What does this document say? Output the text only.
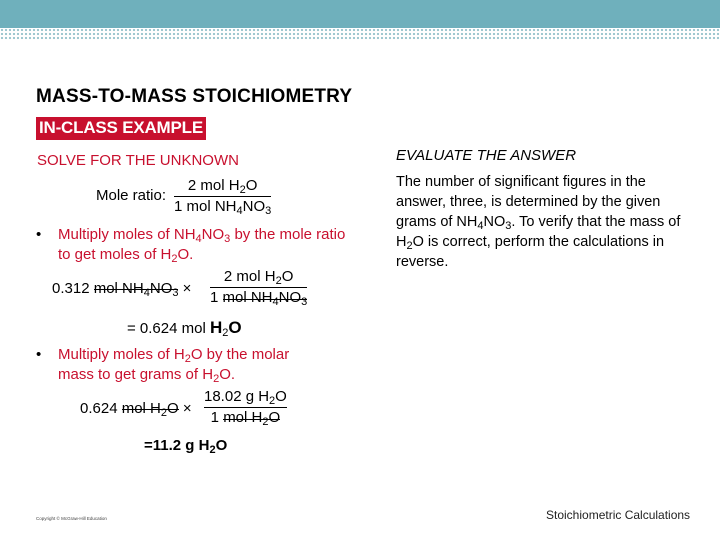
MASS-TO-MASS STOICHIOMETRY
IN-CLASS EXAMPLE
SOLVE FOR THE UNKNOWN
Mole ratio:
2 mol $H_2O$
1 mol $NH_4NO_3$
• Multiply moles of $NH_4NO_3$ by the mole ratio to get moles of $H_2O$.
0.312 mol $NH_4NO_3$ ×
2 mol $H_2O$
1 mol $NH_4NO_3$
= 0.624 mol $H_2O$
• Multiply moles of $H_2O$ by the molar mass to get grams of $H_2O$.
0.624 mol $H_2O$ ×
18.02 g $H_2O$
1 mol $H_2O$
=11.2 g $H_2O$
EVALUATE THE ANSWER
The number of significant figures in the answer, three, is determined by the given grams of $NH_4NO_3$. To verify that the mass of $H_2O$ is correct, perform the calculations in reverse.
Copyright © McGraw-Hill Education	Stoichiometric Calculations
